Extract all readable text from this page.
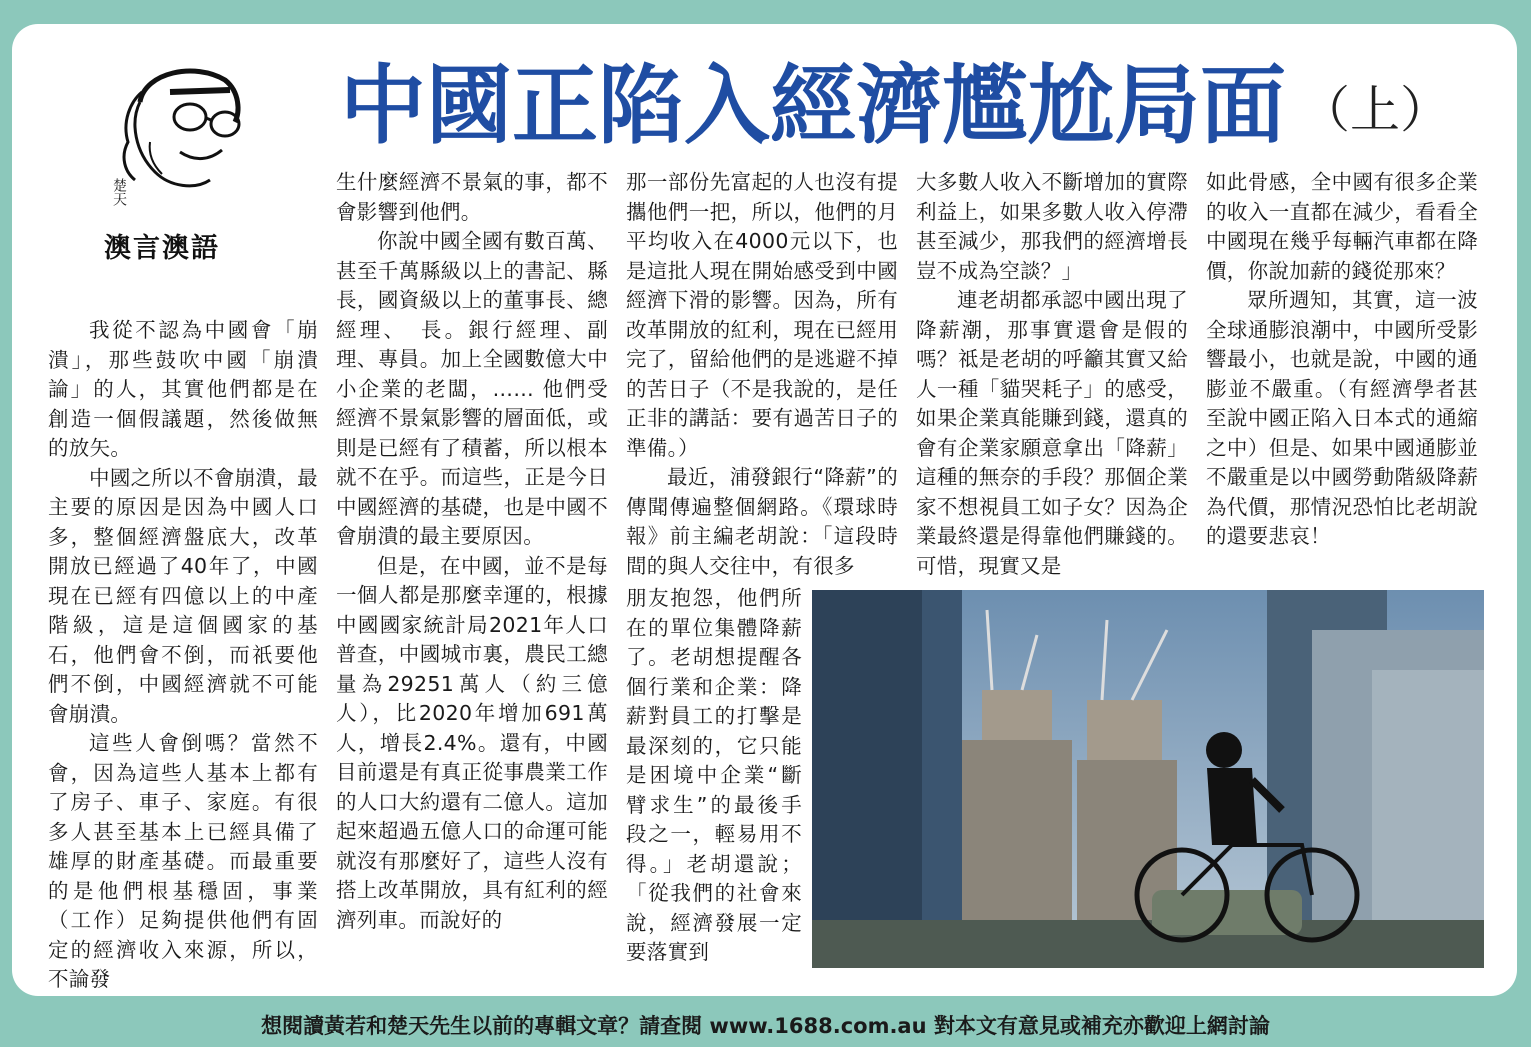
楚天
澳言澳語
中國正陷入經濟尷尬局面 （上）

我從不認為中國會「崩潰」，那些鼓吹中國「崩潰論」的人，其實他們都是在創造一個假議題，然後做無的放矢。

中國之所以不會崩潰，最主要的原因是因為中國人口多，整個經濟盤底大，改革開放已經過了40年了，中國現在已經有四億以上的中產階級，這是這個國家的基石，他們會不倒，而祇要他們不倒，中國經濟就不可能會崩潰。

這些人會倒嗎？當然不會，因為這些人基本上都有了房子、車子、家庭。有很多人甚至基本上已經具備了雄厚的財產基礎。而最重要的是他們根基穩固，事業（工作）足夠提供他們有固定的經濟收入來源，所以，不論發

生什麼經濟不景氣的事，都不會影響到他們。

你說中國全國有數百萬、甚至千萬縣級以上的書記、縣長，國資級以上的董事長、總經理、　長。銀行經理、副理、專員。加上全國數億大中小企業的老闆，…… 他們受經濟不景氣影響的層面低，或則是已經有了積蓄，所以根本就不在乎。而這些，正是今日中國經濟的基礎，也是中國不會崩潰的最主要原因。

但是，在中國，並不是每一個人都是那麼幸運的，根據中國國家統計局2021年人口普查，中國城市裏，農民工總量為29251萬人（約三億人），比2020年增加691萬人，增長2.4%。還有，中國目前還是有真正從事農業工作的人口大約還有二億人。這加起來超過五億人口的命運可能就沒有那麼好了，這些人沒有搭上改革開放，具有紅利的經濟列車。而說好的

那一部份先富起的人也沒有提攜他們一把，所以，他們的月平均收入在4000元以下，也是這批人現在開始感受到中國經濟下滑的影響。因為，所有改革開放的紅利，現在已經用完了，留給他們的是逃避不掉的苦日子（不是我說的，是任正非的講話：要有過苦日子的準備。）

最近，浦發銀行“降薪”的傳聞傳遍整個網路。《環球時報》前主編老胡說：「這段時間的與人交往中，有很多

朋友抱怨，他們所在的單位集體降薪了。老胡想提醒各個行業和企業：降薪對員工的打擊是最深刻的，它只能是困境中企業“斷臂求生”的最後手段之一，輕易用不得。」老胡還說；「從我們的社會來說，經濟發展一定要落實到

大多數人收入不斷增加的實際利益上，如果多數人收入停滯甚至減少，那我們的經濟增長豈不成為空談？」

連老胡都承認中國出現了降薪潮，那事實還會是假的嗎？祗是老胡的呼籲其實又給人一種「貓哭耗子」的感受，如果企業真能賺到錢，還真的會有企業家願意拿出「降薪」這種的無奈的手段？那個企業家不想視員工如子女？因為企業最終還是得靠他們賺錢的。可惜，現實又是

如此骨感，全中國有很多企業的收入一直都在減少，看看全中國現在幾乎每輛汽車都在降價，你說加薪的錢從那來？

眾所週知，其實，這一波全球通膨浪潮中，中國所受影響最小，也就是說，中國的通膨並不嚴重。（有經濟學者甚至說中國正陷入日本式的通縮之中）但是、如果中國通膨並不嚴重是以中國勞動階級降薪為代價，那情況恐怕比老胡說的還要悲哀！

想閱讀黃若和楚天先生以前的專輯文章？請查閱 www.1688.com.au 對本文有意見或補充亦歡迎上網討論
